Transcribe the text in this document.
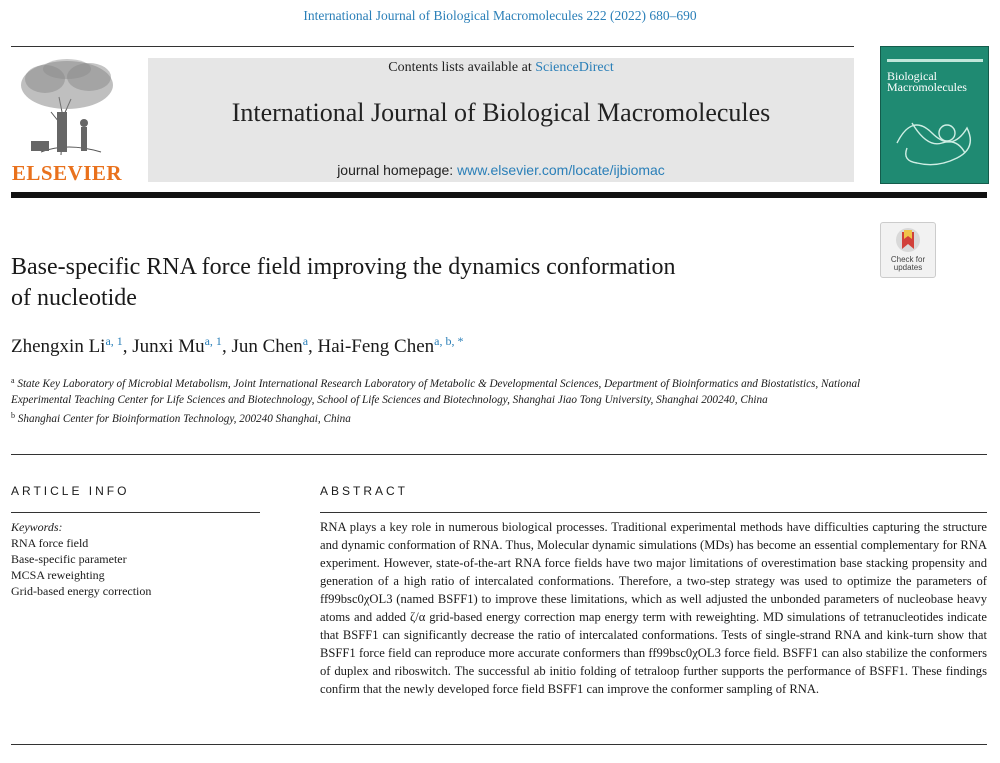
International Journal of Biological Macromolecules 222 (2022) 680–690
ELSEVIER
Contents lists available at ScienceDirect
International Journal of Biological Macromolecules
journal homepage: www.elsevier.com/locate/ijbiomac
Biological
Macromolecules
Check for
updates
Base-specific RNA force field improving the dynamics conformation
of nucleotide
Zhengxin Li$^{a, 1}$, Junxi Mu$^{a, 1}$, Jun Chen$^a$, Hai-Feng Chen$^{a, b, *}$
$^a$ State Key Laboratory of Microbial Metabolism, Joint International Research Laboratory of Metabolic & Developmental Sciences, Department of Bioinformatics and Biostatistics, National Experimental Teaching Center for Life Sciences and Biotechnology, School of Life Sciences and Biotechnology, Shanghai Jiao Tong University, Shanghai 200240, China
$^b$ Shanghai Center for Bioinformation Technology, 200240 Shanghai, China
ARTICLE INFO
Keywords:
RNA force field
Base-specific parameter
MCSA reweighting
Grid-based energy correction
ABSTRACT

RNA plays a key role in numerous biological processes. Traditional experimental methods have difficulties capturing the structure and dynamic conformation of RNA. Thus, Molecular dynamic simulations (MDs) has become an essential complementary for RNA experiment. However, state-of-the-art RNA force fields have two major limitations of overestimation base stacking propensity and generation of a high ratio of intercalated conformations. Therefore, a two-step strategy was used to optimize the parameters of ff99bsc0χOL3 (named BSFF1) to improve these limitations, which as well adjusted the unbonded parameters of nucleobase heavy atoms and added ζ/α grid-based energy correction map energy term with reweighting. MD simulations of tetranucleotides indicate that BSFF1 can significantly decrease the ratio of intercalated conformations. Tests of single-strand RNA and kink-turn show that BSFF1 force field can reproduce more accurate conformers than ff99bsc0χOL3 force field. BSFF1 can also stabilize the conformers of duplex and riboswitch. The successful ab initio folding of tetraloop further supports the performance of BSFF1. These findings confirm that the newly developed force field BSFF1 can improve the conformer sampling of RNA.
